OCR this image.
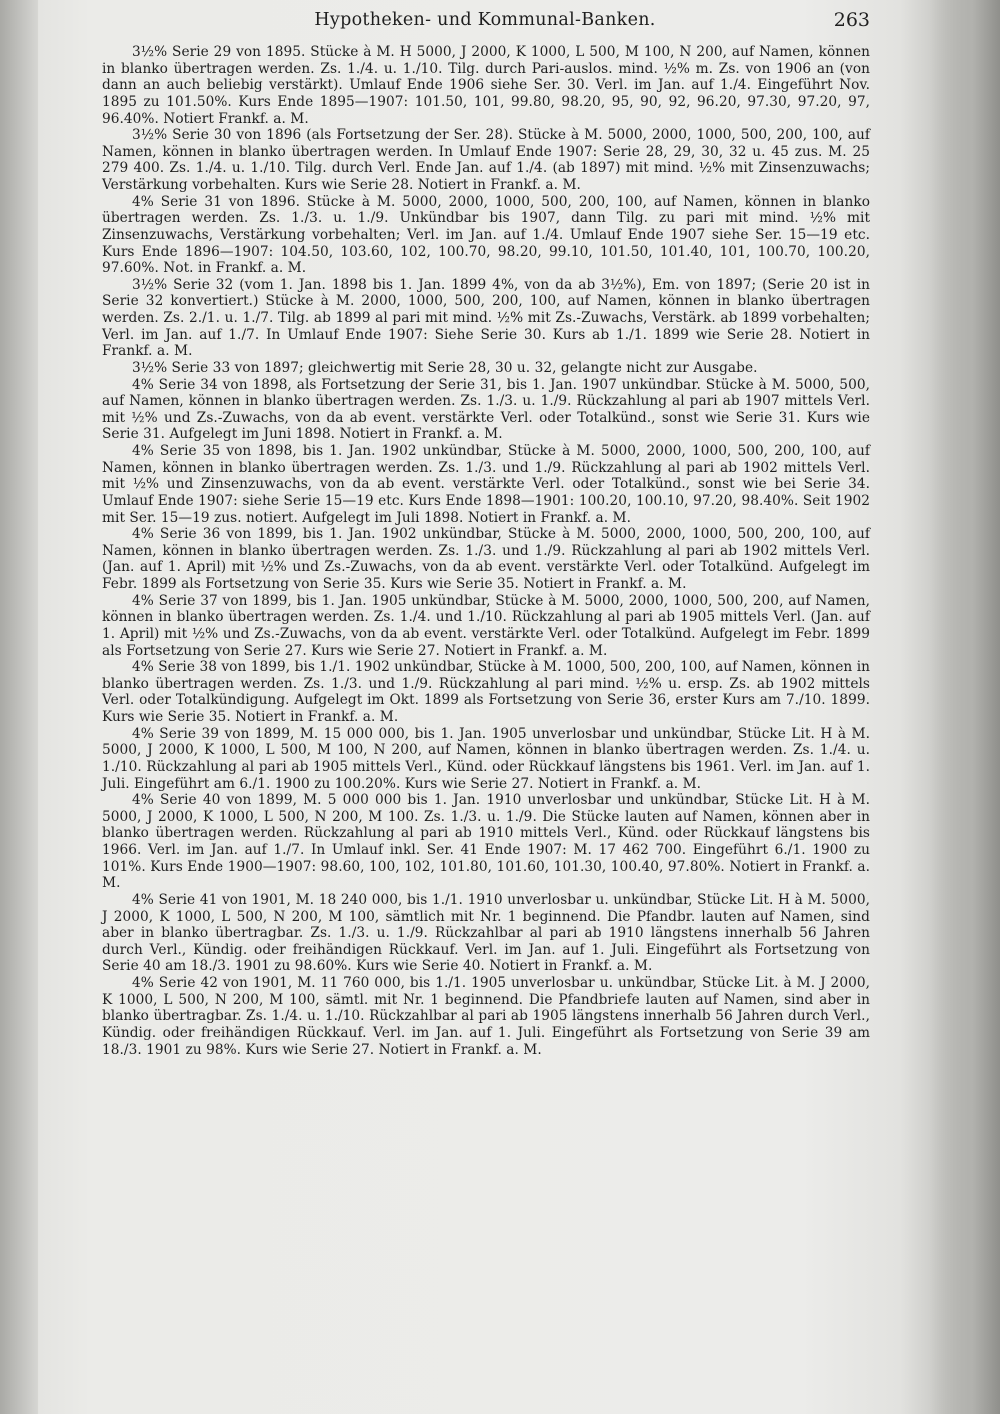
Hypotheken- und Kommunal-Banken.	263

3½% Serie 29 von 1895. Stücke à M. H 5000, J 2000, K 1000, L 500, M 100, N 200, auf Namen, können in blanko übertragen werden. Zs. 1./4. u. 1./10. Tilg. durch Pari-auslos. mind. ½% m. Zs. von 1906 an (von dann an auch beliebig verstärkt). Umlauf Ende 1906 siehe Ser. 30. Verl. im Jan. auf 1./4. Eingeführt Nov. 1895 zu 101.50%. Kurs Ende 1895—1907: 101.50, 101, 99.80, 98.20, 95, 90, 92, 96.20, 97.30, 97.20, 97, 96.40%. Notiert Frankf. a. M.

3½% Serie 30 von 1896 (als Fortsetzung der Ser. 28). Stücke à M. 5000, 2000, 1000, 500, 200, 100, auf Namen, können in blanko übertragen werden. In Umlauf Ende 1907: Serie 28, 29, 30, 32 u. 45 zus. M. 25 279 400. Zs. 1./4. u. 1./10. Tilg. durch Verl. Ende Jan. auf 1./4. (ab 1897) mit mind. ½% mit Zinsenzuwachs; Verstärkung vorbehalten. Kurs wie Serie 28. Notiert in Frankf. a. M.

4% Serie 31 von 1896. Stücke à M. 5000, 2000, 1000, 500, 200, 100, auf Namen, können in blanko übertragen werden. Zs. 1./3. u. 1./9. Unkündbar bis 1907, dann Tilg. zu pari mit mind. ½% mit Zinsenzuwachs, Verstärkung vorbehalten; Verl. im Jan. auf 1./4. Umlauf Ende 1907 siehe Ser. 15—19 etc. Kurs Ende 1896—1907: 104.50, 103.60, 102, 100.70, 98.20, 99.10, 101.50, 101.40, 101, 100.70, 100.20, 97.60%. Not. in Frankf. a. M.

3½% Serie 32 (vom 1. Jan. 1898 bis 1. Jan. 1899 4%, von da ab 3½%), Em. von 1897; (Serie 20 ist in Serie 32 konvertiert.) Stücke à M. 2000, 1000, 500, 200, 100, auf Namen, können in blanko übertragen werden. Zs. 2./1. u. 1./7. Tilg. ab 1899 al pari mit mind. ½% mit Zs.-Zuwachs, Verstärk. ab 1899 vorbehalten; Verl. im Jan. auf 1./7. In Umlauf Ende 1907: Siehe Serie 30. Kurs ab 1./1. 1899 wie Serie 28. Notiert in Frankf. a. M.

3½% Serie 33 von 1897; gleichwertig mit Serie 28, 30 u. 32, gelangte nicht zur Ausgabe.

4% Serie 34 von 1898, als Fortsetzung der Serie 31, bis 1. Jan. 1907 unkündbar. Stücke à M. 5000, 500, auf Namen, können in blanko übertragen werden. Zs. 1./3. u. 1./9. Rückzahlung al pari ab 1907 mittels Verl. mit ½% und Zs.-Zuwachs, von da ab event. verstärkte Verl. oder Totalkünd., sonst wie Serie 31. Kurs wie Serie 31. Aufgelegt im Juni 1898. Notiert in Frankf. a. M.

4% Serie 35 von 1898, bis 1. Jan. 1902 unkündbar, Stücke à M. 5000, 2000, 1000, 500, 200, 100, auf Namen, können in blanko übertragen werden. Zs. 1./3. und 1./9. Rückzahlung al pari ab 1902 mittels Verl. mit ½% und Zinsenzuwachs, von da ab event. verstärkte Verl. oder Totalkünd., sonst wie bei Serie 34. Umlauf Ende 1907: siehe Serie 15—19 etc. Kurs Ende 1898—1901: 100.20, 100.10, 97.20, 98.40%. Seit 1902 mit Ser. 15—19 zus. notiert. Aufgelegt im Juli 1898. Notiert in Frankf. a. M.

4% Serie 36 von 1899, bis 1. Jan. 1902 unkündbar, Stücke à M. 5000, 2000, 1000, 500, 200, 100, auf Namen, können in blanko übertragen werden. Zs. 1./3. und 1./9. Rückzahlung al pari ab 1902 mittels Verl. (Jan. auf 1. April) mit ½% und Zs.-Zuwachs, von da ab event. verstärkte Verl. oder Totalkünd. Aufgelegt im Febr. 1899 als Fortsetzung von Serie 35. Kurs wie Serie 35. Notiert in Frankf. a. M.

4% Serie 37 von 1899, bis 1. Jan. 1905 unkündbar, Stücke à M. 5000, 2000, 1000, 500, 200, auf Namen, können in blanko übertragen werden. Zs. 1./4. und 1./10. Rückzahlung al pari ab 1905 mittels Verl. (Jan. auf 1. April) mit ½% und Zs.-Zuwachs, von da ab event. verstärkte Verl. oder Totalkünd. Aufgelegt im Febr. 1899 als Fortsetzung von Serie 27. Kurs wie Serie 27. Notiert in Frankf. a. M.

4% Serie 38 von 1899, bis 1./1. 1902 unkündbar, Stücke à M. 1000, 500, 200, 100, auf Namen, können in blanko übertragen werden. Zs. 1./3. und 1./9. Rückzahlung al pari mind. ½% u. ersp. Zs. ab 1902 mittels Verl. oder Totalkündigung. Aufgelegt im Okt. 1899 als Fortsetzung von Serie 36, erster Kurs am 7./10. 1899. Kurs wie Serie 35. Notiert in Frankf. a. M.

4% Serie 39 von 1899, M. 15 000 000, bis 1. Jan. 1905 unverlosbar und unkündbar, Stücke Lit. H à M. 5000, J 2000, K 1000, L 500, M 100, N 200, auf Namen, können in blanko übertragen werden. Zs. 1./4. u. 1./10. Rückzahlung al pari ab 1905 mittels Verl., Künd. oder Rückkauf längstens bis 1961. Verl. im Jan. auf 1. Juli. Eingeführt am 6./1. 1900 zu 100.20%. Kurs wie Serie 27. Notiert in Frankf. a. M.

4% Serie 40 von 1899, M. 5 000 000 bis 1. Jan. 1910 unverlosbar und unkündbar, Stücke Lit. H à M. 5000, J 2000, K 1000, L 500, N 200, M 100. Zs. 1./3. u. 1./9. Die Stücke lauten auf Namen, können aber in blanko übertragen werden. Rückzahlung al pari ab 1910 mittels Verl., Künd. oder Rückkauf längstens bis 1966. Verl. im Jan. auf 1./7. In Umlauf inkl. Ser. 41 Ende 1907: M. 17 462 700. Eingeführt 6./1. 1900 zu 101%. Kurs Ende 1900—1907: 98.60, 100, 102, 101.80, 101.60, 101.30, 100.40, 97.80%. Notiert in Frankf. a. M.

4% Serie 41 von 1901, M. 18 240 000, bis 1./1. 1910 unverlosbar u. unkündbar, Stücke Lit. H à M. 5000, J 2000, K 1000, L 500, N 200, M 100, sämtlich mit Nr. 1 beginnend. Die Pfandbr. lauten auf Namen, sind aber in blanko übertragbar. Zs. 1./3. u. 1./9. Rückzahlbar al pari ab 1910 längstens innerhalb 56 Jahren durch Verl., Kündig. oder freihändigen Rückkauf. Verl. im Jan. auf 1. Juli. Eingeführt als Fortsetzung von Serie 40 am 18./3. 1901 zu 98.60%. Kurs wie Serie 40. Notiert in Frankf. a. M.

4% Serie 42 von 1901, M. 11 760 000, bis 1./1. 1905 unverlosbar u. unkündbar, Stücke Lit. à M. J 2000, K 1000, L 500, N 200, M 100, sämtl. mit Nr. 1 beginnend. Die Pfandbriefe lauten auf Namen, sind aber in blanko übertragbar. Zs. 1./4. u. 1./10. Rückzahlbar al pari ab 1905 längstens innerhalb 56 Jahren durch Verl., Kündig. oder freihändigen Rückkauf. Verl. im Jan. auf 1. Juli. Eingeführt als Fortsetzung von Serie 39 am 18./3. 1901 zu 98%. Kurs wie Serie 27. Notiert in Frankf. a. M.
